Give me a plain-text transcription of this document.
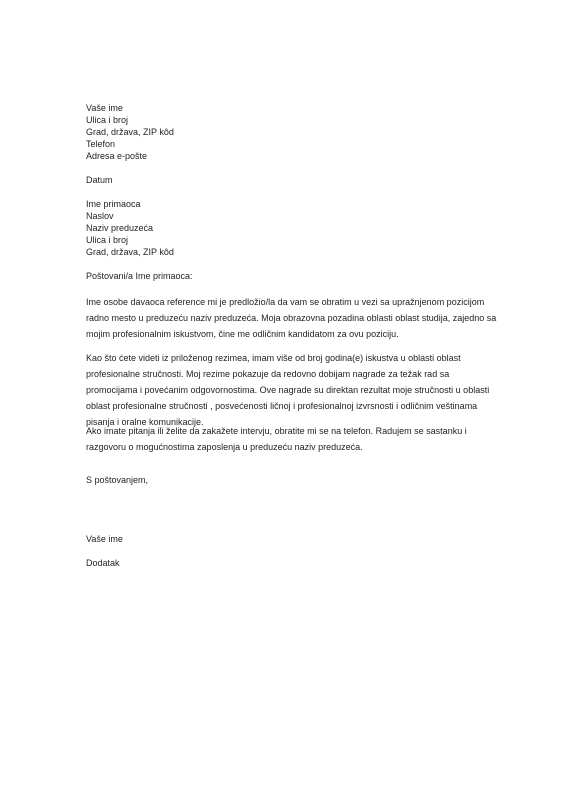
Vaše ime
Ulica i broj
Grad, država, ZIP kôd
Telefon
Adresa e-pošte
Datum
Ime primaoca
Naslov
Naziv preduzeća
Ulica i broj
Grad, država, ZIP kôd
Poštovani/a Ime primaoca:
Ime osobe davaoca reference mi je predložio/la da vam se obratim u vezi sa upražnjenom pozicijom
radno mesto u preduzeću naziv preduzeća. Moja obrazovna pozadina oblasti oblast studija, zajedno sa
mojim profesionalnim iskustvom, čine me odličnim kandidatom za ovu poziciju.
Kao što ćete videti iz priloženog rezimea, imam više od broj godina(e) iskustva u oblasti oblast
profesionalne stručnosti. Moj rezime pokazuje da redovno dobijam nagrade za težak rad sa
promocijama i povećanim odgovornostima. Ove nagrade su direktan rezultat moje stručnosti u oblasti
oblast profesionalne stručnosti , posvećenosti ličnoj i profesionalnoj izvrsnosti i odličnim veštinama
pisanja i oralne komunikacije.
Ako imate pitanja ili želite da zakažete intervju, obratite mi se na telefon. Radujem se sastanku i
razgovoru o mogućnostima zaposlenja u preduzeću naziv preduzeća.
S poštovanjem,
Vaše ime
Dodatak
